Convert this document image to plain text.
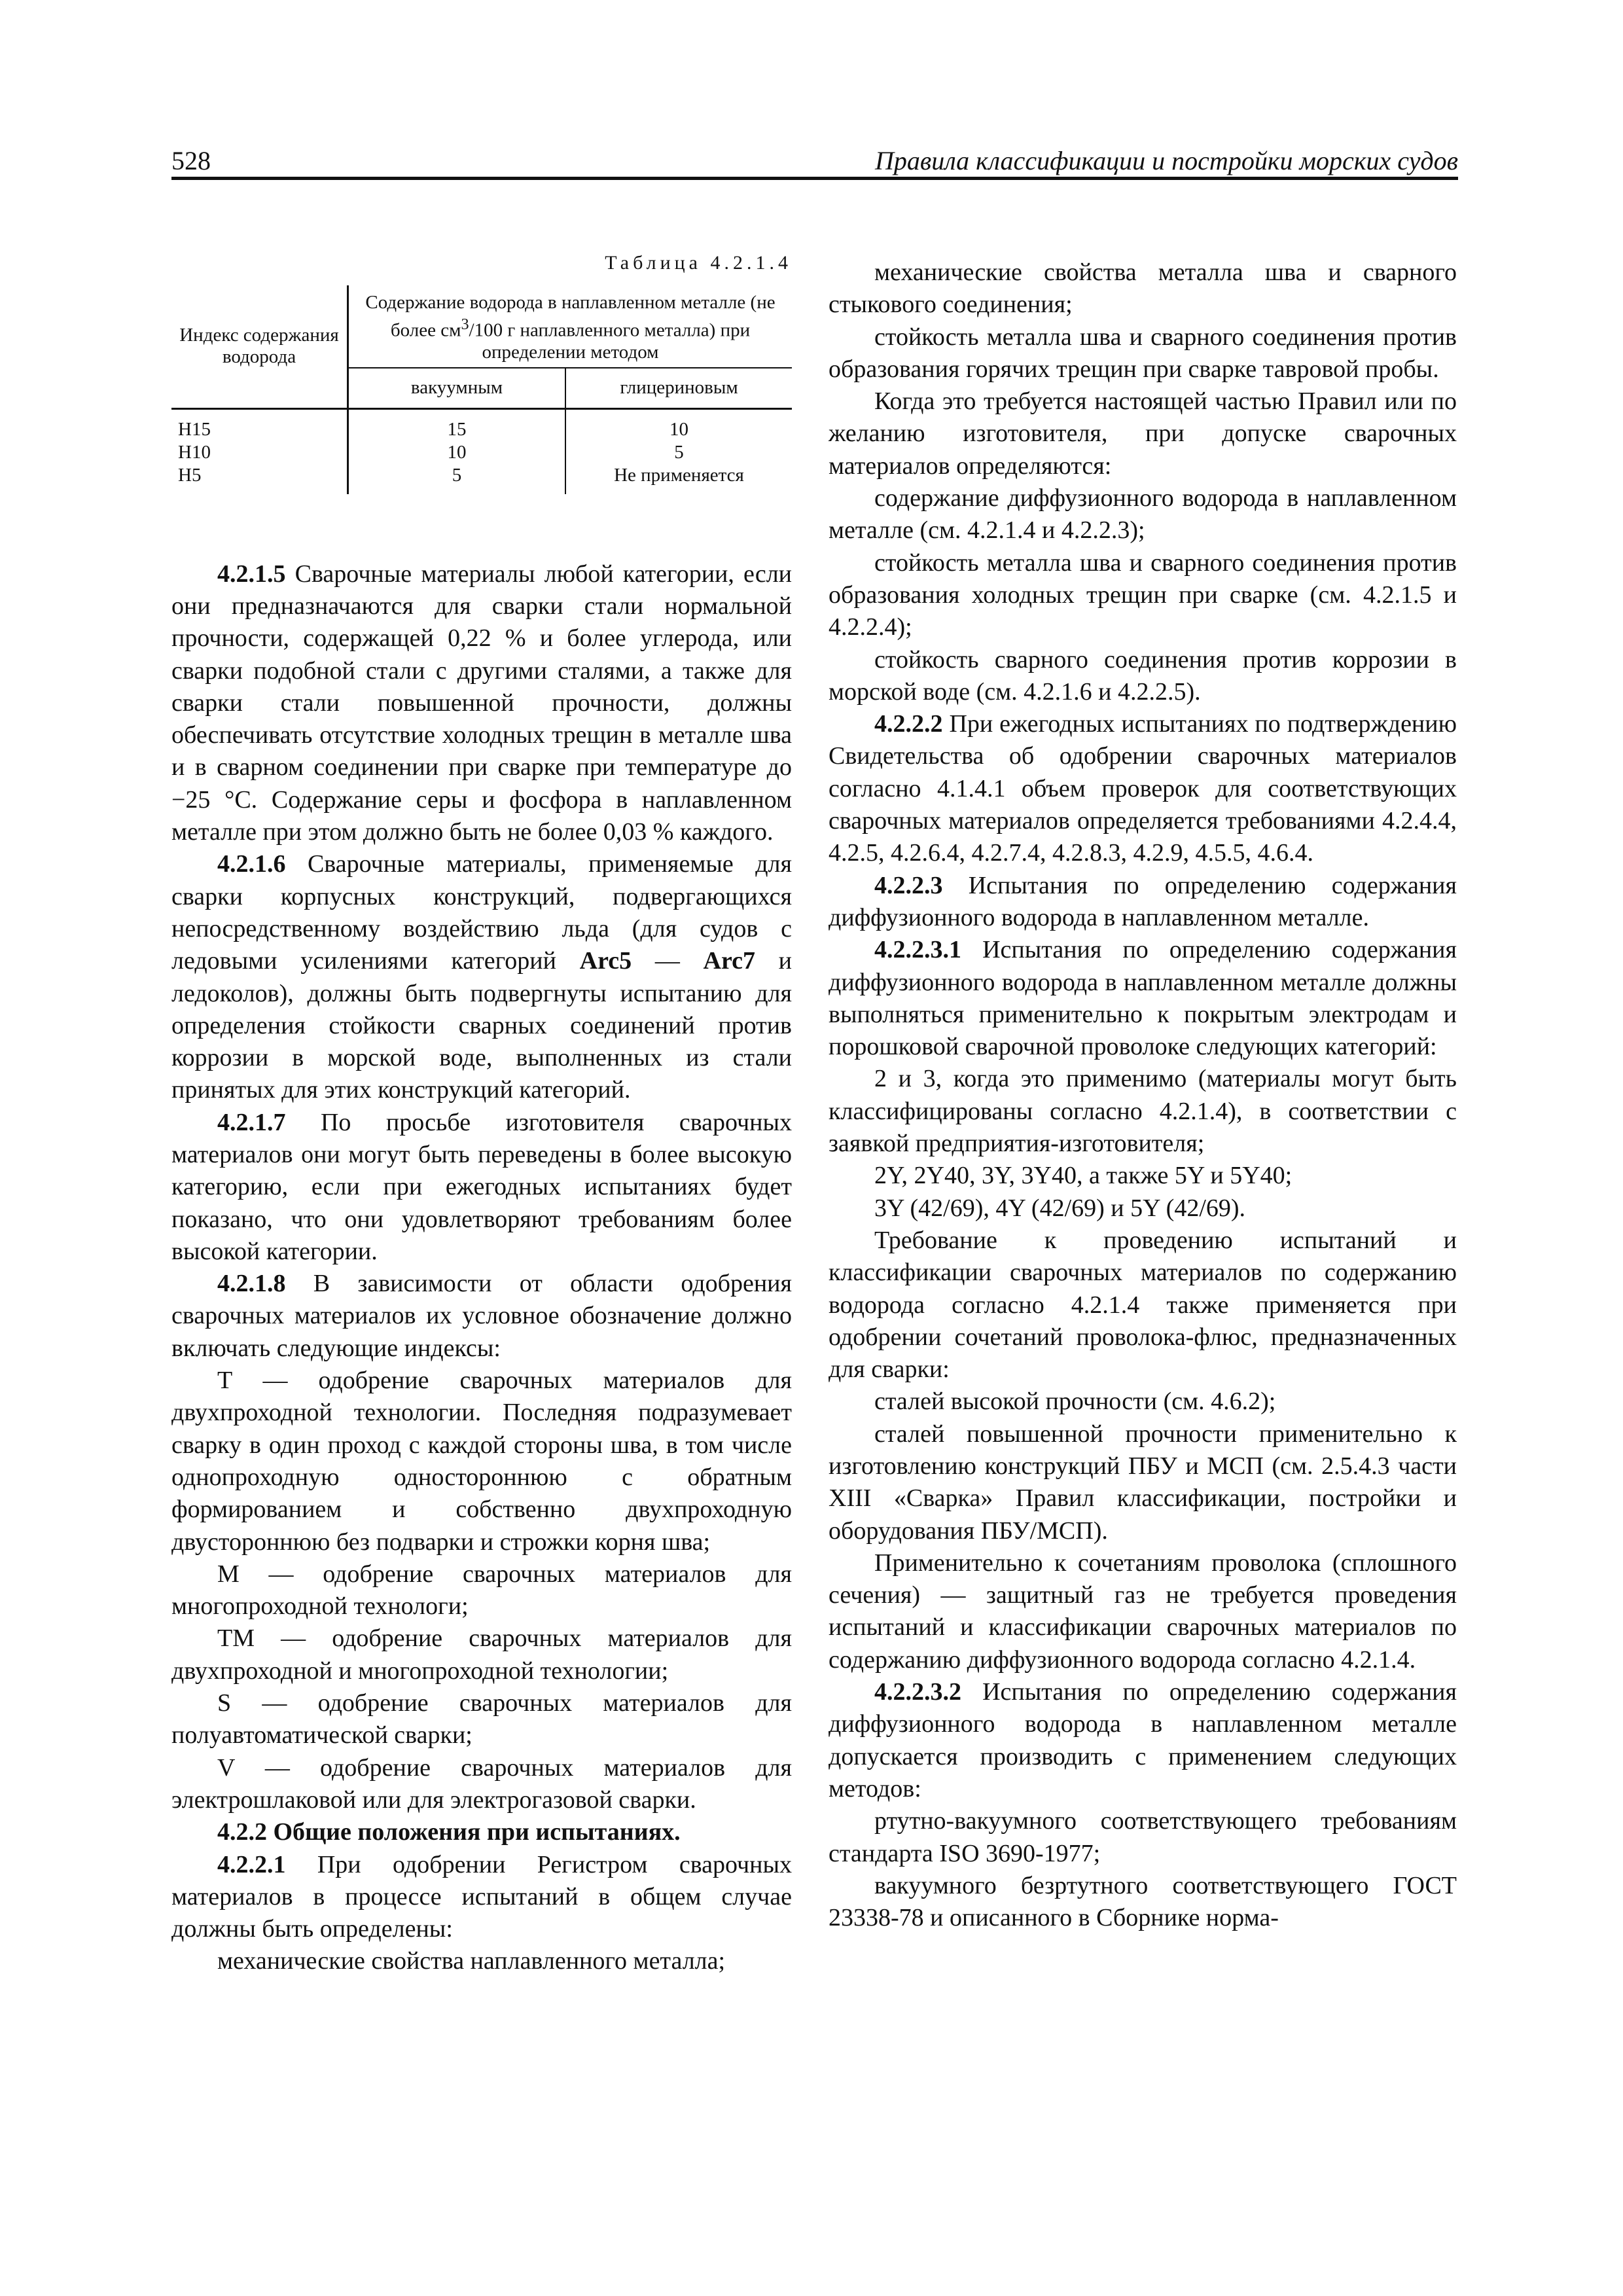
528	Правила классификации и постройки морских судов
Таблица 4.2.1.4
Индекс содержания водорода	Содержание водорода в наплавленном металле (не более $см^3/100$ г наплавленного металла) при определении методом	
	вакуумным	глицериновым
H15	15	10
H10	10	5
H5	5	Не применяется

4.2.1.5 Сварочные материалы любой категории, если они предназначаются для сварки стали нормальной прочности, содержащей 0,22 % и более углерода, или сварки подобной стали с другими сталями, а также для сварки стали повышенной прочности, должны обеспечивать отсутствие холодных трещин в металле шва и в сварном соединении при сварке при температуре до −25 °C. Содержание серы и фосфора в наплавленном металле при этом должно быть не более 0,03 % каждого.

4.2.1.6 Сварочные материалы, применяемые для сварки корпусных конструкций, подвергающихся непосредственному воздействию льда (для судов с ледовыми усилениями категорий Arc5 — Arc7 и ледоколов), должны быть подвергнуты испытанию для определения стойкости сварных соединений против коррозии в морской воде, выполненных из стали принятых для этих конструкций категорий.

4.2.1.7 По просьбе изготовителя сварочных материалов они могут быть переведены в более высокую категорию, если при ежегодных испытаниях будет показано, что они удовлетворяют требованиям более высокой категории.

4.2.1.8 В зависимости от области одобрения сварочных материалов их условное обозначение должно включать следующие индексы:

T — одобрение сварочных материалов для двухпроходной технологии. Последняя подразумевает сварку в один проход с каждой стороны шва, в том числе однопроходную одностороннюю с обратным формированием и собственно двухпроходную двустороннюю без подварки и строжки корня шва;

M — одобрение сварочных материалов для многопроходной технологи;

TM — одобрение сварочных материалов для двухпроходной и многопроходной технологии;

S — одобрение сварочных материалов для полуавтоматической сварки;

V — одобрение сварочных материалов для электрошлаковой или для электрогазовой сварки.

4.2.2 Общие положения при испытаниях.

4.2.2.1 При одобрении Регистром сварочных материалов в процессе испытаний в общем случае должны быть определены:

механические свойства наплавленного металла;

механические свойства металла шва и сварного стыкового соединения;

стойкость металла шва и сварного соединения против образования горячих трещин при сварке тавровой пробы.

Когда это требуется настоящей частью Правил или по желанию изготовителя, при допуске сварочных материалов определяются:

содержание диффузионного водорода в наплавленном металле (см. 4.2.1.4 и 4.2.2.3);

стойкость металла шва и сварного соединения против образования холодных трещин при сварке (см. 4.2.1.5 и 4.2.2.4);

стойкость сварного соединения против коррозии в морской воде (см. 4.2.1.6 и 4.2.2.5).

4.2.2.2 При ежегодных испытаниях по подтверждению Свидетельства об одобрении сварочных материалов согласно 4.1.4.1 объем проверок для соответствующих сварочных материалов определяется требованиями 4.2.4.4, 4.2.5, 4.2.6.4, 4.2.7.4, 4.2.8.3, 4.2.9, 4.5.5, 4.6.4.

4.2.2.3 Испытания по определению содержания диффузионного водорода в наплавленном металле.

4.2.2.3.1 Испытания по определению содержания диффузионного водорода в наплавленном металле должны выполняться применительно к покрытым электродам и порошковой сварочной проволоке следующих категорий:

2 и 3, когда это применимо (материалы могут быть классифицированы согласно 4.2.1.4), в соответствии с заявкой предприятия-изготовителя;

2Y, 2Y40, 3Y, 3Y40, а также 5Y и 5Y40;

3Y (42/69), 4Y (42/69) и 5Y (42/69).

Требование к проведению испытаний и классификации сварочных материалов по содержанию водорода согласно 4.2.1.4 также применяется при одобрении сочетаний проволока-флюс, предназначенных для сварки:

сталей высокой прочности (см. 4.6.2);

сталей повышенной прочности применительно к изготовлению конструкций ПБУ и МСП (см. 2.5.4.3 части XIII «Сварка» Правил классификации, постройки и оборудования ПБУ/МСП).

Применительно к сочетаниям проволока (сплошного сечения) — защитный газ не требуется проведения испытаний и классификации сварочных материалов по содержанию диффузионного водорода согласно 4.2.1.4.

4.2.2.3.2 Испытания по определению содержания диффузионного водорода в наплавленном металле допускается производить с применением следующих методов:

ртутно-вакуумного соответствующего требованиям стандарта ISO 3690-1977;

вакуумного безртутного соответствующего ГОСТ 23338-78 и описанного в Сборнике норма-
